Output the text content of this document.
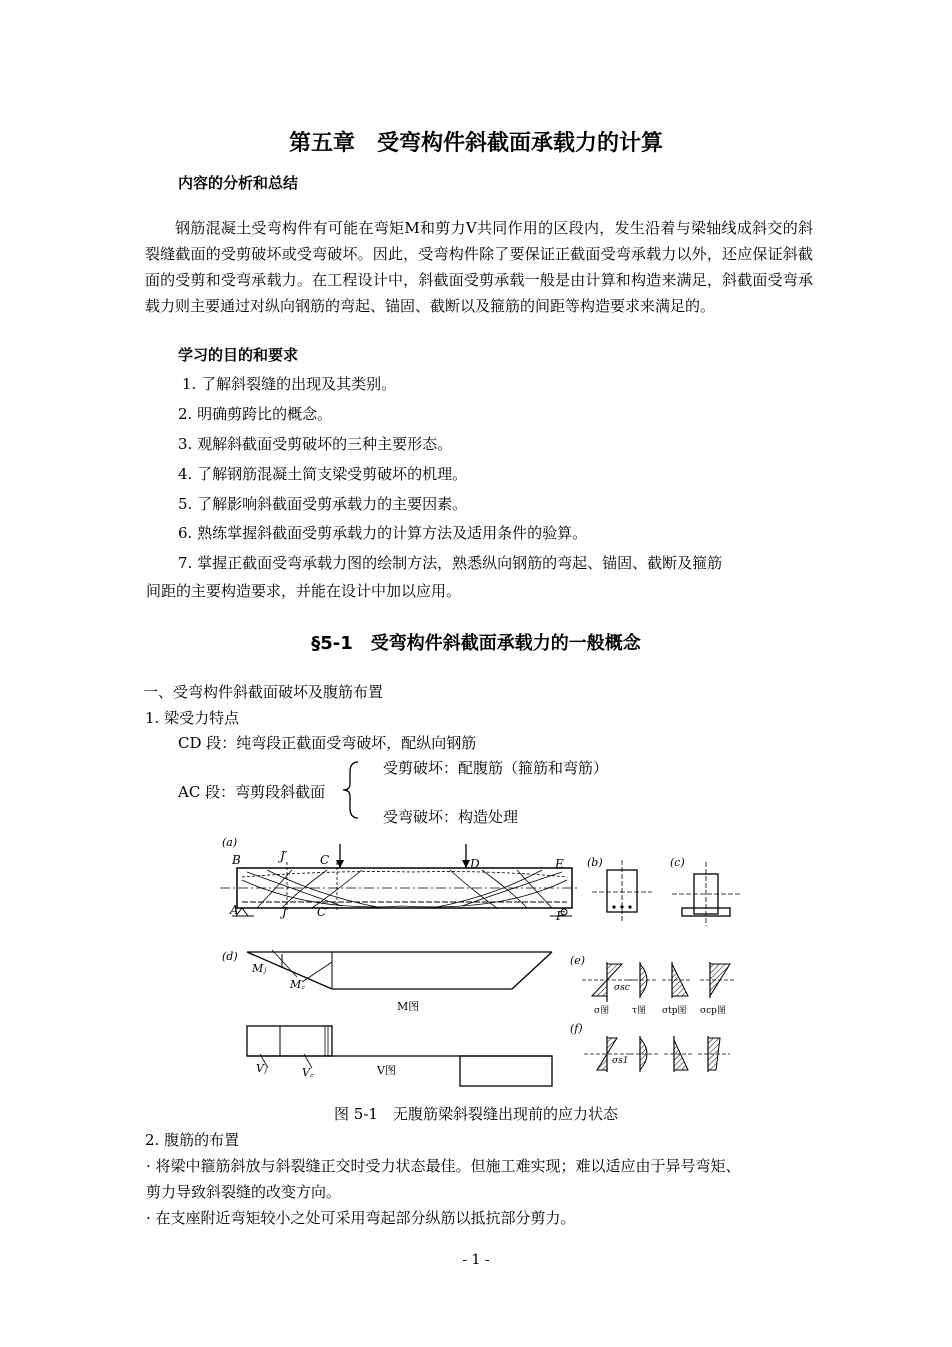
第五章　受弯构件斜截面承载力的计算
内容的分析和总结

钢筋混凝土受弯构件有可能在弯矩M和剪力V共同作用的区段内，发生沿着与梁轴线成斜交的斜裂缝截面的受剪破坏或受弯破坏。因此，受弯构件除了要保证正截面受弯承载力以外，还应保证斜截面的受剪和受弯承载力。在工程设计中，斜截面受剪承载一般是由计算和构造来满足，斜截面受弯承载力则主要通过对纵向钢筋的弯起、锚固、截断以及箍筋的间距等构造要求来满足的。

学习的目的和要求
1. 了解斜裂缝的出现及其类别。
2. 明确剪跨比的概念。
3. 观解斜截面受剪破坏的三种主要形态。
4. 了解钢筋混凝土简支梁受剪破坏的机理。
5. 了解影响斜截面受剪承载力的主要因素。
6. 熟练掌握斜截面受剪承载力的计算方法及适用条件的验算。
7. 掌握正截面受弯承载力图的绘制方法，熟悉纵向钢筋的弯起、锚固、截断及箍筋
间距的主要构造要求，并能在设计中加以应用。
§5-1　受弯构件斜截面承载力的一般概念
一、受弯构件斜截面破坏及腹筋布置
1. 梁受力特点
CD 段：纯弯段正截面受弯破坏，配纵向钢筋
AC 段：弯剪段斜截面
受剪破坏：配腹筋（箍筋和弯筋）
受弯破坏：构造处理
(a)
B	J′	C	D	E
A	J	C′	F
(b)	(c)
(d)
Mⱼ
M꜀
M图
Vⱼ	V꜀	V图
(e)
σsc
σ图	τ图 σtp图 σcp图
(f)
σs1
图 5-1　无腹筋梁斜裂缝出现前的应力状态
2. 腹筋的布置
· 将梁中箍筋斜放与斜裂缝正交时受力状态最佳。但施工难实现；难以适应由于异号弯矩、
剪力导致斜裂缝的改变方向。
· 在支座附近弯矩较小之处可采用弯起部分纵筋以抵抗部分剪力。
- 1 -
